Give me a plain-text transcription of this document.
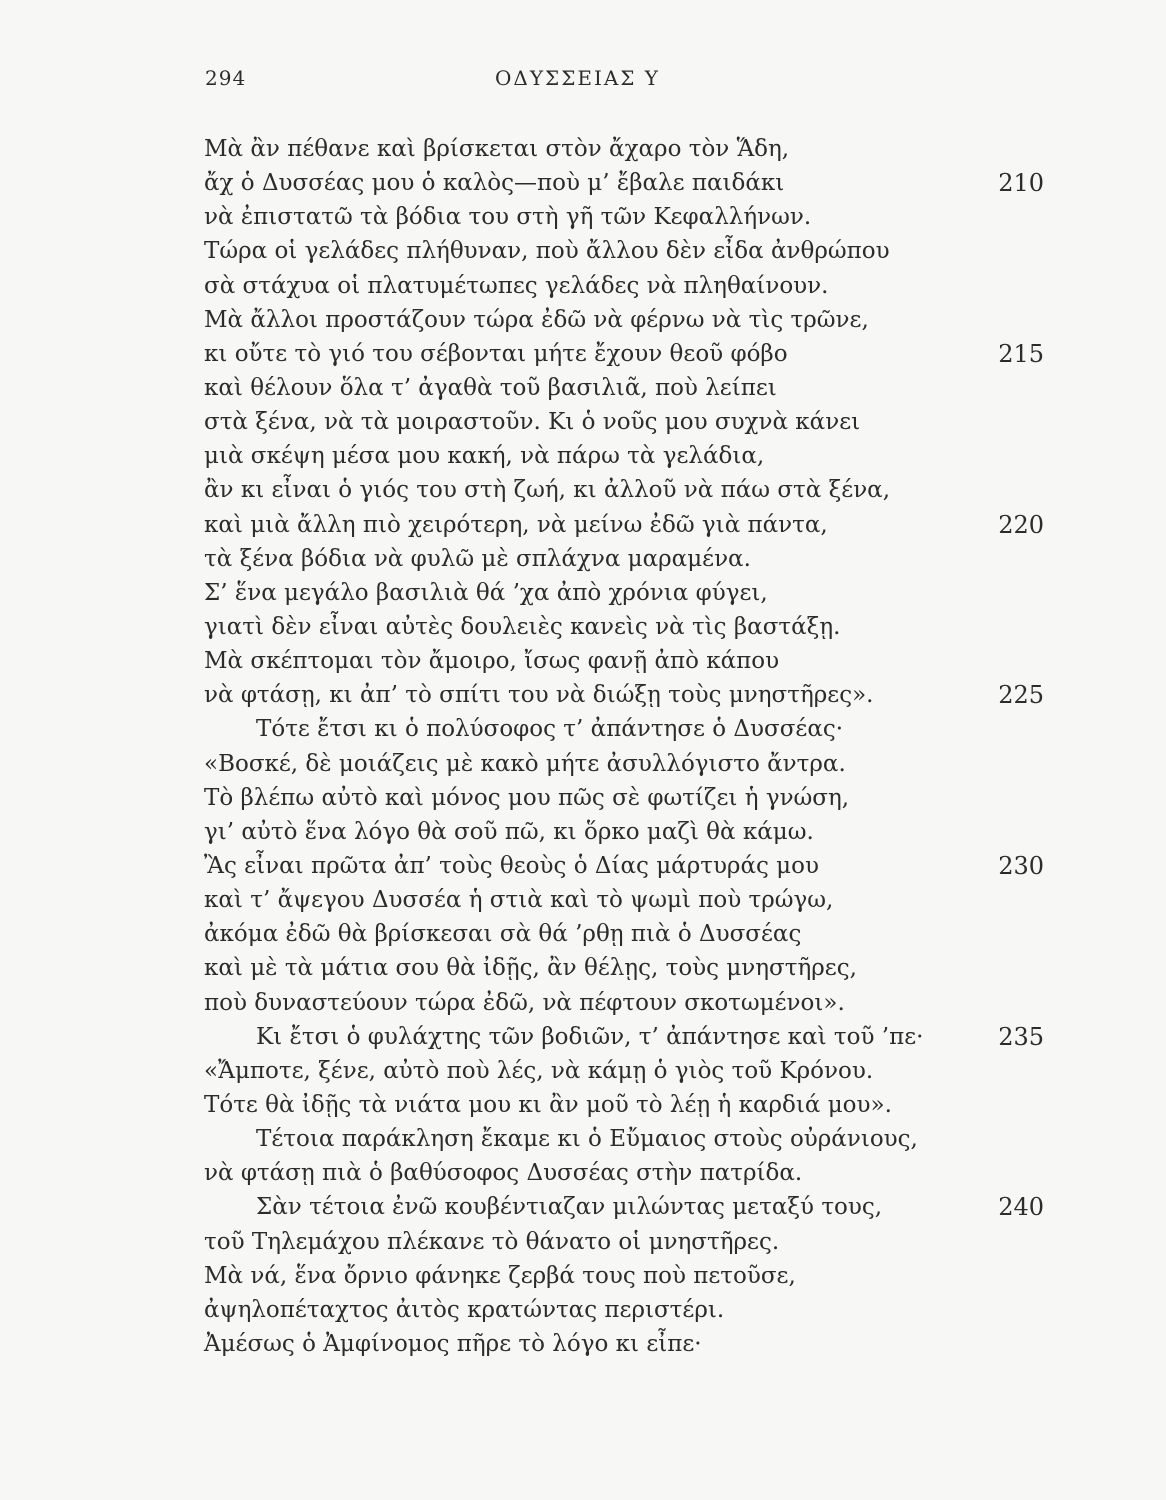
294	ΟΔΥΣΣΕΙΑΣ Υ
Μὰ ἂν πέθανε καὶ βρίσκεται στὸν ἄχαρο τὸν Ἅδη,
ἄχ ὁ Δυσσέας μου ὁ καλὸς—ποὺ μ’ ἔβαλε παιδάκι	210
νὰ ἐπιστατῶ τὰ βόδια του στὴ γῆ τῶν Κεφαλλήνων.
Τώρα οἱ γελάδες πλήθυναν, ποὺ ἄλλου δὲν εἶδα ἀνθρώπου
σὰ στάχυα οἱ πλατυμέτωπες γελάδες νὰ πληθαίνουν.
Μὰ ἄλλοι προστάζουν τώρα ἐδῶ νὰ φέρνω νὰ τὶς τρῶνε,
κι οὔτε τὸ γιό του σέβονται μήτε ἔχουν θεοῦ φόβο	215
καὶ θέλουν ὅλα τ’ ἀγαθὰ τοῦ βασιλιᾶ, ποὺ λείπει
στὰ ξένα, νὰ τὰ μοιραστοῦν. Κι ὁ νοῦς μου συχνὰ κάνει
μιὰ σκέψη μέσα μου κακή, νὰ πάρω τὰ γελάδια,
ἂν κι εἶναι ὁ γιός του στὴ ζωή, κι ἀλλοῦ νὰ πάω στὰ ξένα,
καὶ μιὰ ἄλλη πιὸ χειρότερη, νὰ μείνω ἐδῶ γιὰ πάντα,	220
τὰ ξένα βόδια νὰ φυλῶ μὲ σπλάχνα μαραμένα.
Σ’ ἕνα μεγάλο βασιλιὰ θά ’χα ἀπὸ χρόνια φύγει,
γιατὶ δὲν εἶναι αὐτὲς δουλειὲς κανεὶς νὰ τὶς βαστάξῃ.
Μὰ σκέπτομαι τὸν ἄμοιρο, ἴσως φανῇ ἀπὸ κάπου
νὰ φτάσῃ, κι ἀπ’ τὸ σπίτι του νὰ διώξῃ τοὺς μνηστῆρες».	225
Τότε ἔτσι κι ὁ πολύσοφος τ’ ἀπάντησε ὁ Δυσσέας·
«Βοσκέ, δὲ μοιάζεις μὲ κακὸ μήτε ἀσυλλόγιστο ἄντρα.
Τὸ βλέπω αὐτὸ καὶ μόνος μου πῶς σὲ φωτίζει ἡ γνώση,
γι’ αὐτὸ ἕνα λόγο θὰ σοῦ πῶ, κι ὅρκο μαζὶ θὰ κάμω.
Ἂς εἶναι πρῶτα ἀπ’ τοὺς θεοὺς ὁ Δίας μάρτυράς μου	230
καὶ τ’ ἄψεγου Δυσσέα ἡ στιὰ καὶ τὸ ψωμὶ ποὺ τρώγω,
ἀκόμα ἐδῶ θὰ βρίσκεσαι σὰ θά ’ρθῃ πιὰ ὁ Δυσσέας
καὶ μὲ τὰ μάτια σου θὰ ἰδῇς, ἂν θέλῃς, τοὺς μνηστῆρες,
ποὺ δυναστεύουν τώρα ἐδῶ, νὰ πέφτουν σκοτωμένοι».
Κι ἔτσι ὁ φυλάχτης τῶν βοδιῶν, τ’ ἀπάντησε καὶ τοῦ ’πε·	235
«Ἄμποτε, ξένε, αὐτὸ ποὺ λές, νὰ κάμῃ ὁ γιὸς τοῦ Κρόνου.
Τότε θὰ ἰδῇς τὰ νιάτα μου κι ἂν μοῦ τὸ λέῃ ἡ καρδιά μου».
Τέτοια παράκληση ἔκαμε κι ὁ Εὔμαιος στοὺς οὐράνιους,
νὰ φτάσῃ πιὰ ὁ βαθύσοφος Δυσσέας στὴν πατρίδα.
Σὰν τέτοια ἐνῶ κουβέντιαζαν μιλώντας μεταξύ τους,	240
τοῦ Τηλεμάχου πλέκανε τὸ θάνατο οἱ μνηστῆρες.
Μὰ νά, ἕνα ὄρνιο φάνηκε ζερβά τους ποὺ πετοῦσε,
ἀψηλοπέταχτος ἀιτὸς κρατώντας περιστέρι.
Ἀμέσως ὁ Ἀμφίνομος πῆρε τὸ λόγο κι εἶπε·
